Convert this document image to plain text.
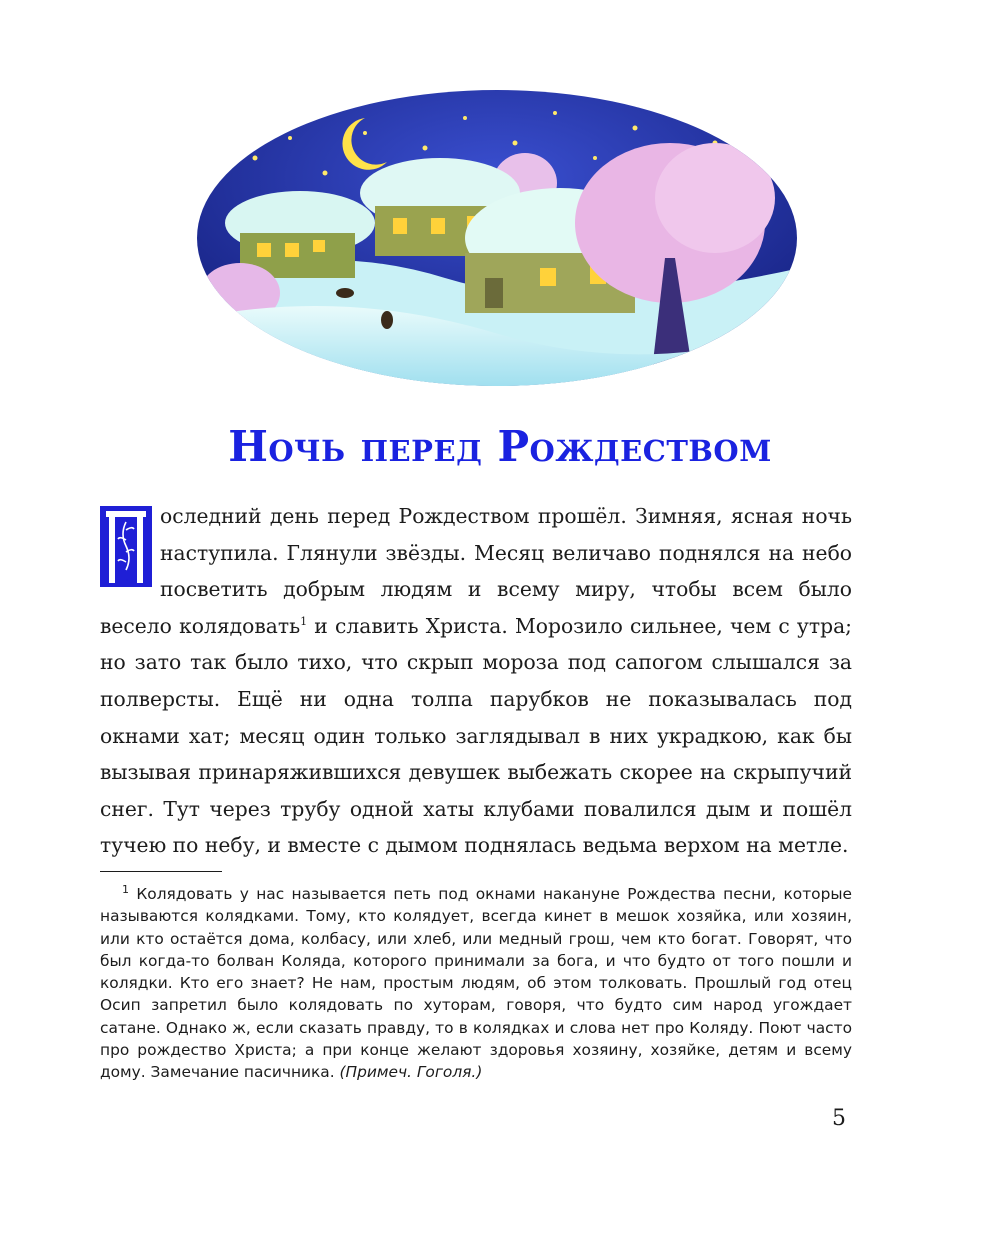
Ночь перед Рождеством

П
оследний день перед Рождеством прошёл. Зимняя, ясная ночь наступила. Глянули звёзды. Месяц величаво поднялся на небо посветить добрым людям и всему миру, чтобы всем было весело колядовать$^1$ и славить Христа. Морозило сильнее, чем с утра; но зато так было тихо, что скрып мороза под сапогом слышался за полверсты. Ещё ни одна толпа парубков не показывалась под окнами хат; месяц один только заглядывал в них украдкою, как бы вызывая принаряжившихся девушек выбежать скорее на скрыпучий снег. Тут через трубу одной хаты клубами повалился дым и пошёл тучею по небу, и вместе с дымом поднялась ведьма верхом на метле.

$^1$ Колядовать у нас называется петь под окнами накануне Рождества песни, которые называются колядками. Тому, кто колядует, всегда кинет в мешок хозяйка, или хозяин, или кто остаётся дома, колбасу, или хлеб, или медный грош, чем кто богат. Говорят, что был когда-то болван Коляда, которого принимали за бога, и что будто от того пошли и колядки. Кто его знает? Не нам, простым людям, об этом толковать. Прошлый год отец Осип запретил было колядовать по хуторам, говоря, что будто сим народ угождает сатане. Однако ж, если сказать правду, то в колядках и слова нет про Коляду. Поют часто про рождество Христа; а при конце желают здоровья хозяину, хозяйке, детям и всему дому. Замечание пасичника. (Примеч. Гоголя.)

5
